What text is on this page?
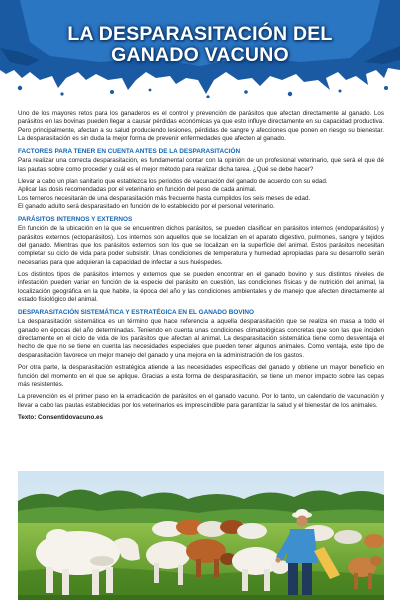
LA DESPARASITACIÓN DEL
GANADO VACUNO

Uno de los mayores retos para los ganaderos es el control y prevención de parásitos que afectan directamente al ganado. Los parásitos en las bovinas pueden llegar a causar pérdidas económicas ya que esto influye directamente en su capacidad productiva. Pero principalmente, afectan a su salud produciendo lesiones, pérdidas de sangre y afecciones que ponen en riesgo su bienestar. La desparasitación es sin duda la mejor forma de prevenir enfermedades que afecten al ganado.

FACTORES PARA TENER EN CUENTA ANTES DE LA DESPARASITACIÓN

Para realizar una correcta desparasitación, es fundamental contar con la opinión de un profesional veterinario, que será el que dé las pautas sobre como proceder y cuál es el mejor método para realizar dicha tarea. ¿Qué se debe hacer?

Llevar a cabo un plan sanitario que establezca los periodos de vacunación del ganado de acuerdo con su edad.
Aplicar las dosis recomendadas por el veterinario en función del peso de cada animal.
Los terneros necesitarán de una desparasitación más frecuente hasta cumplidos los seis meses de edad.
El ganado adulto será desparasitado en función de lo establecido por el personal veterinario.
PARÁSITOS INTERNOS Y EXTERNOS

En función de la ubicación en la que se encuentren dichos parásitos, se pueden clasificar en parásitos internos (endoparásitos) y parásitos externos (ectoparásitos). Los internos son aquellos que se localizan en el aparato digestivo, pulmones, sangre y tejidos del ganado. Mientras que los parásitos externos son los que se localizan en la superficie del animal. Estos parásitos necesitan completar su ciclo de vida para poder subsistir. Unas condiciones de temperatura y humedad apropiadas para su desarrollo serán necesarias para que adquieran la capacidad de infectar a sus huéspedes.

Los distintos tipos de parásitos internos y externos que se pueden encontrar en el ganado bovino y sus distintos niveles de infestación pueden variar en función de la especie del parásito en cuestión, las condiciones físicas y de nutrición del animal, la localización geográfica en la que habite, la época del año y las condiciones ambientales y de manejo que afecten directamente al estado fisiológico del animal.

DESPARASITACIÓN SISTEMÁTICA Y ESTRATÉGICA EN EL GANADO BOVINO

La desparasitación sistemática es un término que hace referencia a aquella desparasitación que se realiza en masa a todo el ganado en épocas del año determinadas. Teniendo en cuenta unas condiciones climatológicas concretas que son las que inciden directamente en el ciclo de vida de los parásitos que afectan al animal. La desparasitación sistemática tiene como desventaja el hecho de que no se tiene en cuenta las necesidades especiales que pueden tener algunos animales. Como ventaja, este tipo de desparasitación favorece un mejor manejo del ganado y una mejora en la administración de los gastos.

Por otra parte, la desparasitación estratégica atiende a las necesidades específicas del ganado y obtiene un mayor beneficio en función del momento en el que se aplique. Gracias a esta forma de desparasitación, se tiene un menor impacto sobre las cepas más resistentes.

La prevención es el primer paso en la erradicación de parásitos en el ganado vacuno. Por lo tanto, un calendario de vacunación y llevar a cabo las pautas establecidas por los veterinarios es imprescindible para garantizar la salud y el bienestar de los animales.

Texto: Consentidovacuno.es
